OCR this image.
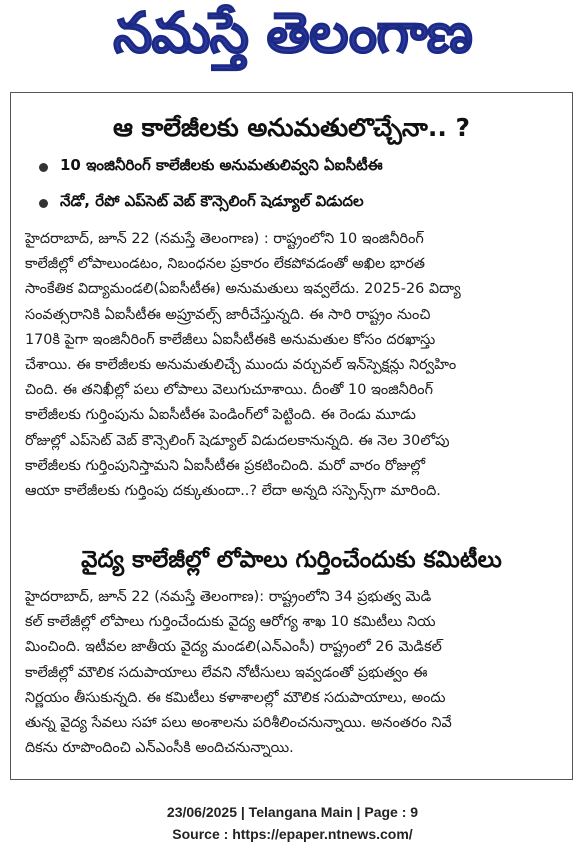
నమస్తే తెలంగాణ
ఆ కాలేజీలకు అనుమతులొచ్చేనా.. ?
10 ఇంజినీరింగ్ కాలేజీలకు అనుమతులివ్వని ఏఐసీటీఈ
నేడో, రేపో ఎప్‌సెట్ వెబ్ కౌన్సెలింగ్ షెడ్యూల్ విడుదల
హైదరాబాద్, జూన్ 22 (నమస్తే తెలంగాణ) : రాష్ట్రంలోని 10 ఇంజినీరింగ్
కాలేజీల్లో లోపాలుండటం, నిబంధనల ప్రకారం లేకపోవడంతో అఖిల భారత
సాంకేతిక విద్యామండలి(ఏఐసీటీఈ) అనుమతులు ఇవ్వలేదు. 2025-26 విద్యా
సంవత్సరానికి ఏఐసీటీఈ అప్రూవల్స్ జారీచేస్తున్నది. ఈ సారి రాష్ట్రం నుంచి
170కి పైగా ఇంజినీరింగ్ కాలేజీలు ఏఐసీటీఈకి అనుమతుల కోసం దరఖాస్తు
చేశాయి. ఈ కాలేజీలకు అనుమతులిచ్చే ముందు వర్చువల్ ఇన్‌స్పెక్షన్లు నిర్వహిం
చింది. ఈ తనిఖీల్లో పలు లోపాలు వెలుగుచూశాయి. దీంతో 10 ఇంజినీరింగ్
కాలేజీలకు గుర్తింపును ఏఐసీటీఈ పెండింగ్‌లో పెట్టింది. ఈ రెండు మూడు
రోజుల్లో ఎప్‌సెట్ వెబ్ కౌన్సెలింగ్ షెడ్యూల్ విడుదలకానున్నది. ఈ నెల 30లోపు
కాలేజీలకు గుర్తింపునిస్తామని ఏఐసీటీఈ ప్రకటించింది. మరో వారం రోజుల్లో
ఆయా కాలేజీలకు గుర్తింపు దక్కుతుందా..? లేదా అన్నది సస్పెన్స్‌గా మారింది.
వైద్య కాలేజీల్లో లోపాలు గుర్తించేందుకు కమిటీలు
హైదరాబాద్, జూన్ 22 (నమస్తే తెలంగాణ): రాష్ట్రంలోని 34 ప్రభుత్వ మెడి
కల్ కాలేజీల్లో లోపాలు గుర్తించేందుకు వైద్య ఆరోగ్య శాఖ 10 కమిటీలు నియ
మించింది. ఇటీవల జాతీయ వైద్య మండలి(ఎన్ఎంసీ) రాష్ట్రంలో 26 మెడికల్
కాలేజీల్లో మౌలిక సదుపాయాలు లేవని నోటీసులు ఇవ్వడంతో ప్రభుత్వం ఈ
నిర్ణయం తీసుకున్నది. ఈ కమిటీలు కళాశాలల్లో మౌలిక సదుపాయాలు, అందు
తున్న వైద్య సేవలు సహా పలు అంశాలను పరిశీలించనున్నాయి. అనంతరం నివే
దికను రూపొందించి ఎన్ఎంసీకి అందిచనున్నాయి.
23/06/2025 | Telangana Main | Page : 9
Source : https://epaper.ntnews.com/
